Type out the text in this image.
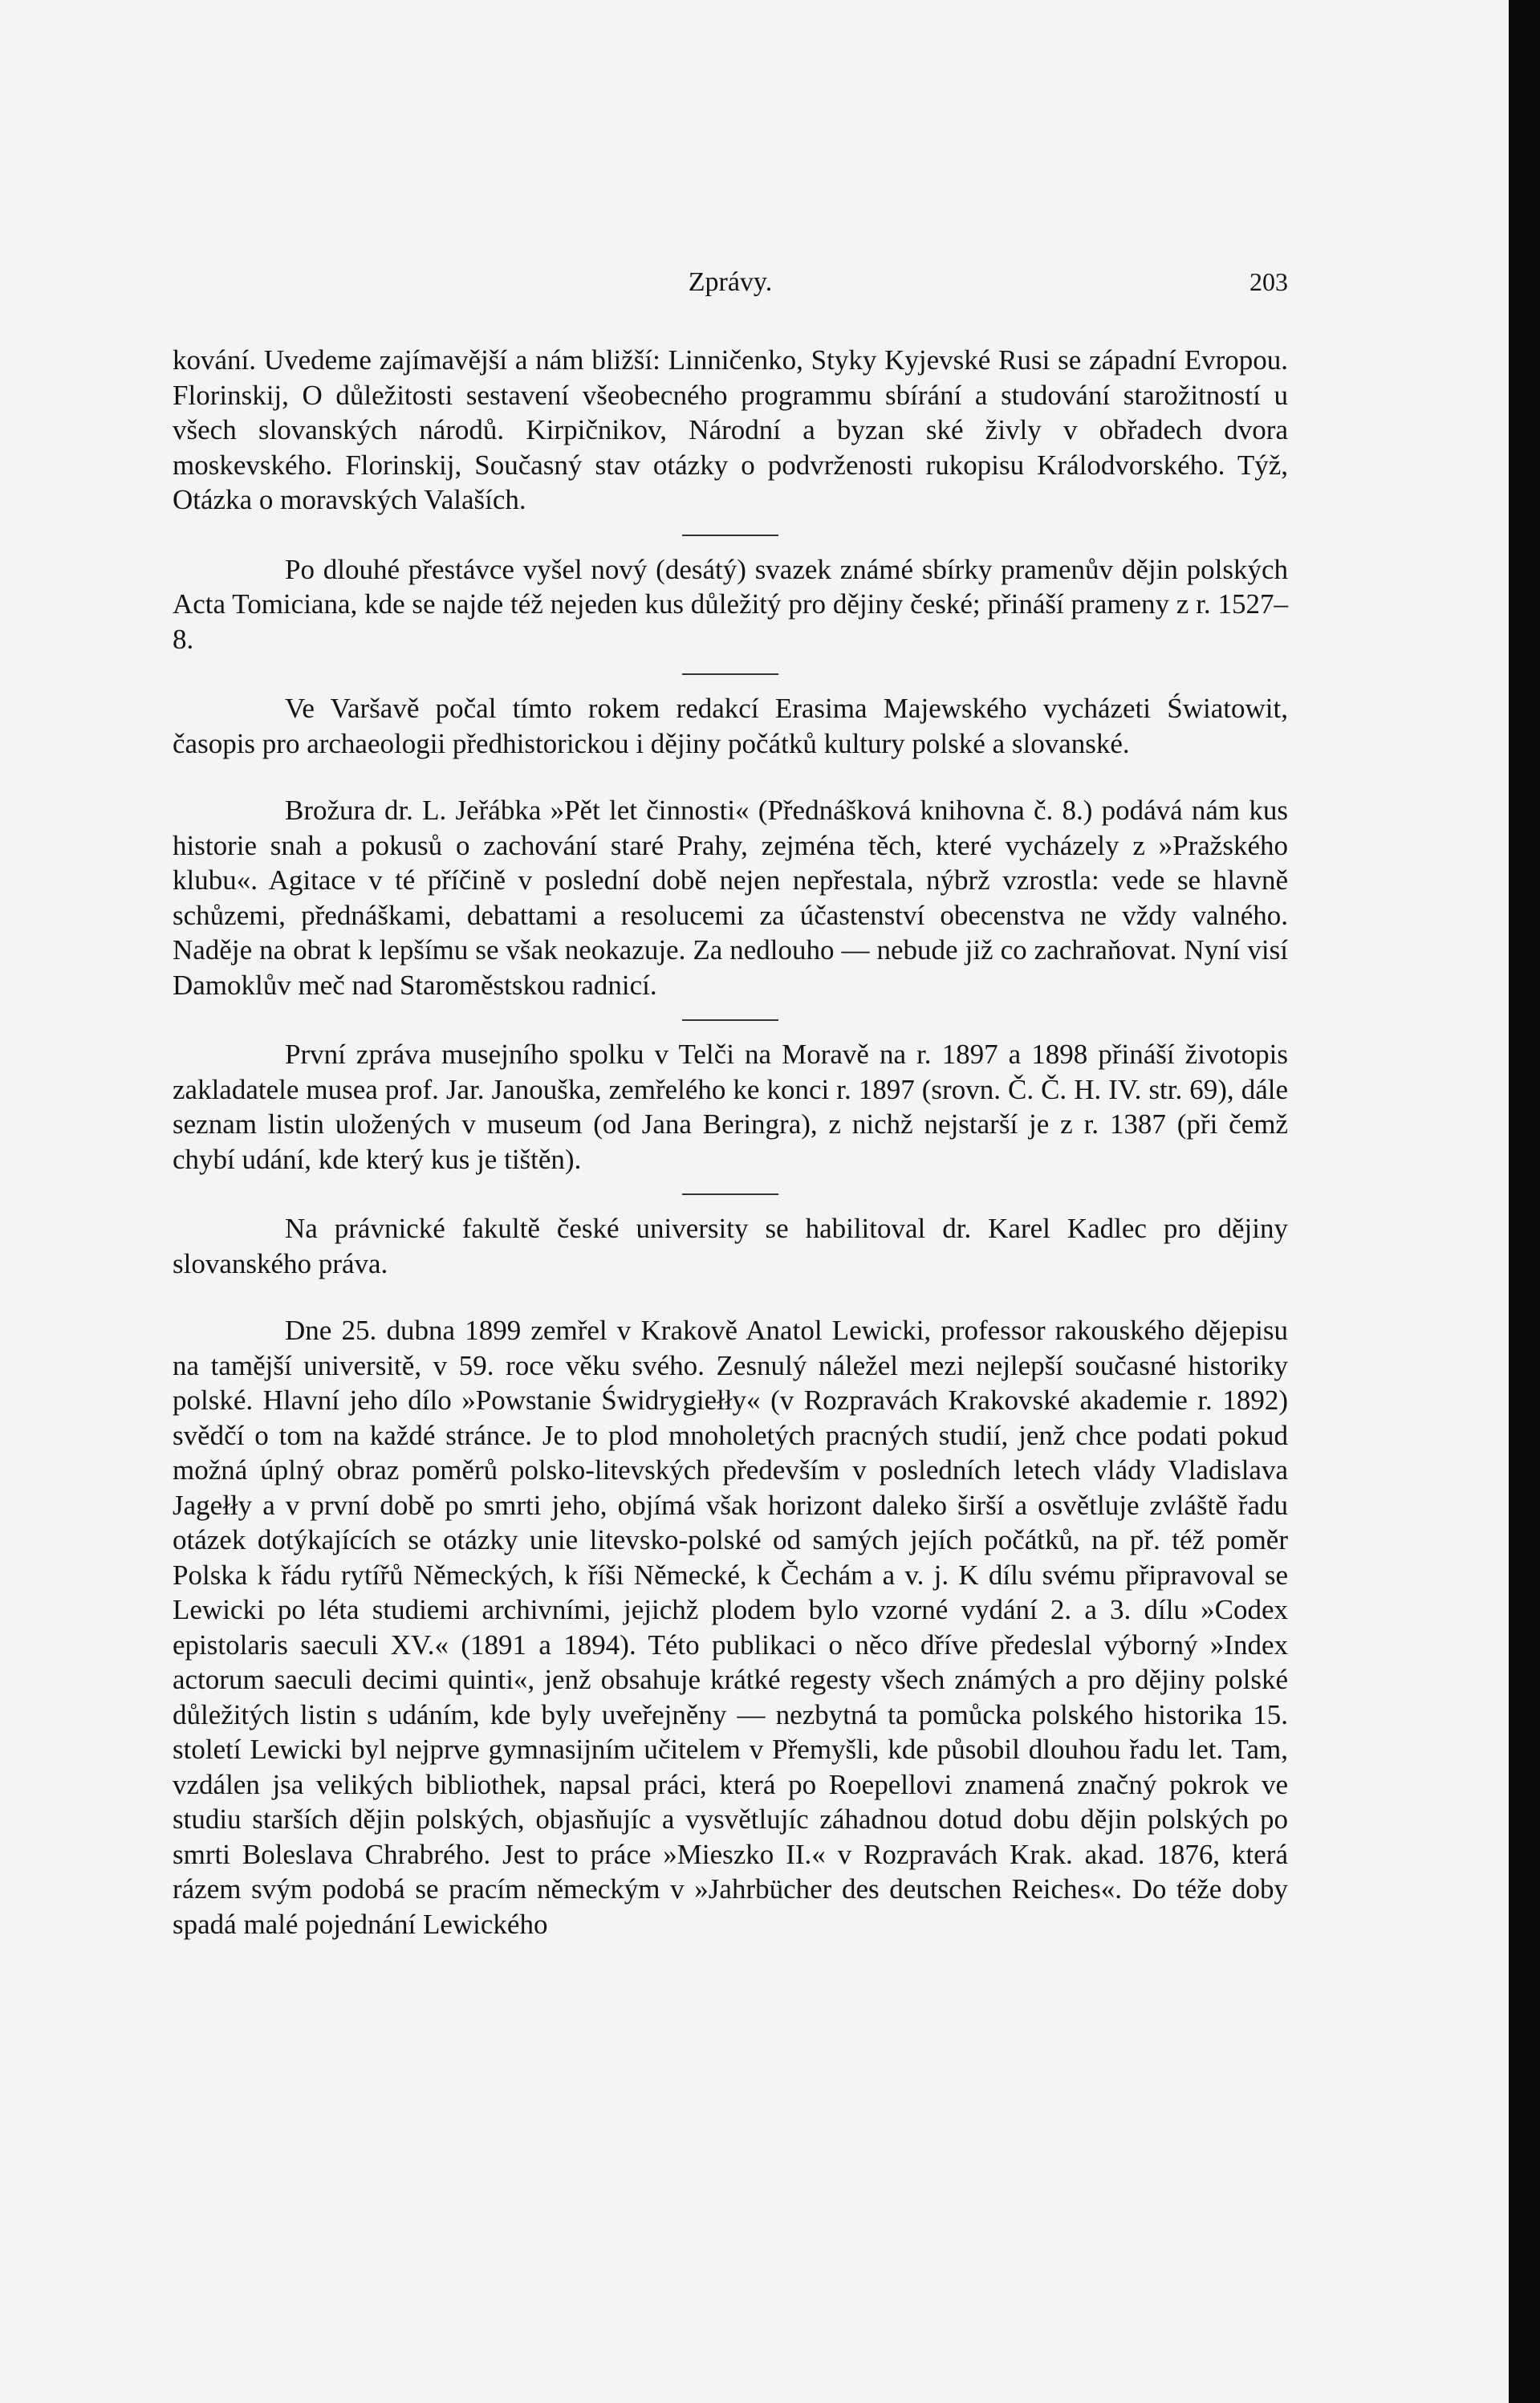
Zprávy.	203

kování. Uvedeme zajímavější a nám bližší: Linničenko, Styky Kyjevské Rusi se západní Evropou. Florinskij, O důležitosti sestavení všeobecného programmu sbírání a studování starožitností u všech slovanských národů. Kirpičnikov, Národní a byzan ské živly v obřadech dvora moskevského. Florinskij, Současný stav otázky o podvrženosti rukopisu Králodvorského. Týž, Otázka o moravských Valaších.

Po dlouhé přestávce vyšel nový (desátý) svazek známé sbírky pramenův dějin polských Acta Tomiciana, kde se najde též nejeden kus důležitý pro dějiny české; přináší prameny z r. 1527–8.

Ve Varšavě počal tímto rokem redakcí Erasima Majewského vycházeti Światowit, časopis pro archaeologii předhistorickou i dějiny počátků kultury polské a slovanské.

Brožura dr. L. Jeřábka »Pět let činnosti« (Přednášková knihovna č. 8.) podává nám kus historie snah a pokusů o zachování staré Prahy, zejména těch, které vycházely z »Pražského klubu«. Agitace v té příčině v poslední době nejen nepřestala, nýbrž vzrostla: vede se hlavně schůzemi, přednáškami, debattami a resolucemi za účastenství obecenstva ne vždy valného. Naděje na obrat k lepšímu se však neokazuje. Za nedlouho — nebude již co zachraňovat. Nyní visí Damoklův meč nad Staroměstskou radnicí.

První zpráva musejního spolku v Telči na Moravě na r. 1897 a 1898 přináší životopis zakladatele musea prof. Jar. Janouška, zemřelého ke konci r. 1897 (srovn. Č. Č. H. IV. str. 69), dále seznam listin uložených v museum (od Jana Beringra), z nichž nejstarší je z r. 1387 (při čemž chybí udání, kde který kus je tištěn).

Na právnické fakultě české university se habilitoval dr. Karel Kadlec pro dějiny slovanského práva.

Dne 25. dubna 1899 zemřel v Krakově Anatol Lewicki, professor rakouského dějepisu na tamější universitě, v 59. roce věku svého. Zesnulý náležel mezi nejlepší současné historiky polské. Hlavní jeho dílo »Powstanie Świdrygiełły« (v Rozpravách Krakovské akademie r. 1892) svědčí o tom na každé stránce. Je to plod mnoholetých pracných studií, jenž chce podati pokud možná úplný obraz poměrů polsko-litevských především v posledních letech vlády Vladislava Jagełły a v první době po smrti jeho, objímá však horizont daleko širší a osvětluje zvláště řadu otázek dotýkajících se otázky unie litevsko-polské od samých jejích počátků, na př. též poměr Polska k řádu rytířů Německých, k říši Německé, k Čechám a v. j. K dílu svému připravoval se Lewicki po léta studiemi archivními, jejichž plodem bylo vzorné vydání 2. a 3. dílu »Codex epistolaris saeculi XV.« (1891 a 1894). Této publikaci o něco dříve předeslal výborný »Index actorum saeculi decimi quinti«, jenž obsahuje krátké regesty všech známých a pro dějiny polské důležitých listin s udáním, kde byly uveřejněny — nezbytná ta pomůcka polského historika 15. století Lewicki byl nejprve gymnasijním učitelem v Přemyšli, kde působil dlouhou řadu let. Tam, vzdálen jsa velikých bibliothek, napsal práci, která po Roepellovi znamená značný pokrok ve studiu starších dějin polských, objasňujíc a vysvětlujíc záhadnou dotud dobu dějin polských po smrti Boleslava Chrabrého. Jest to práce »Mieszko II.« v Rozpravách Krak. akad. 1876, která rázem svým podobá se pracím německým v »Jahrbücher des deutschen Reiches«. Do téže doby spadá malé pojednání Lewického
